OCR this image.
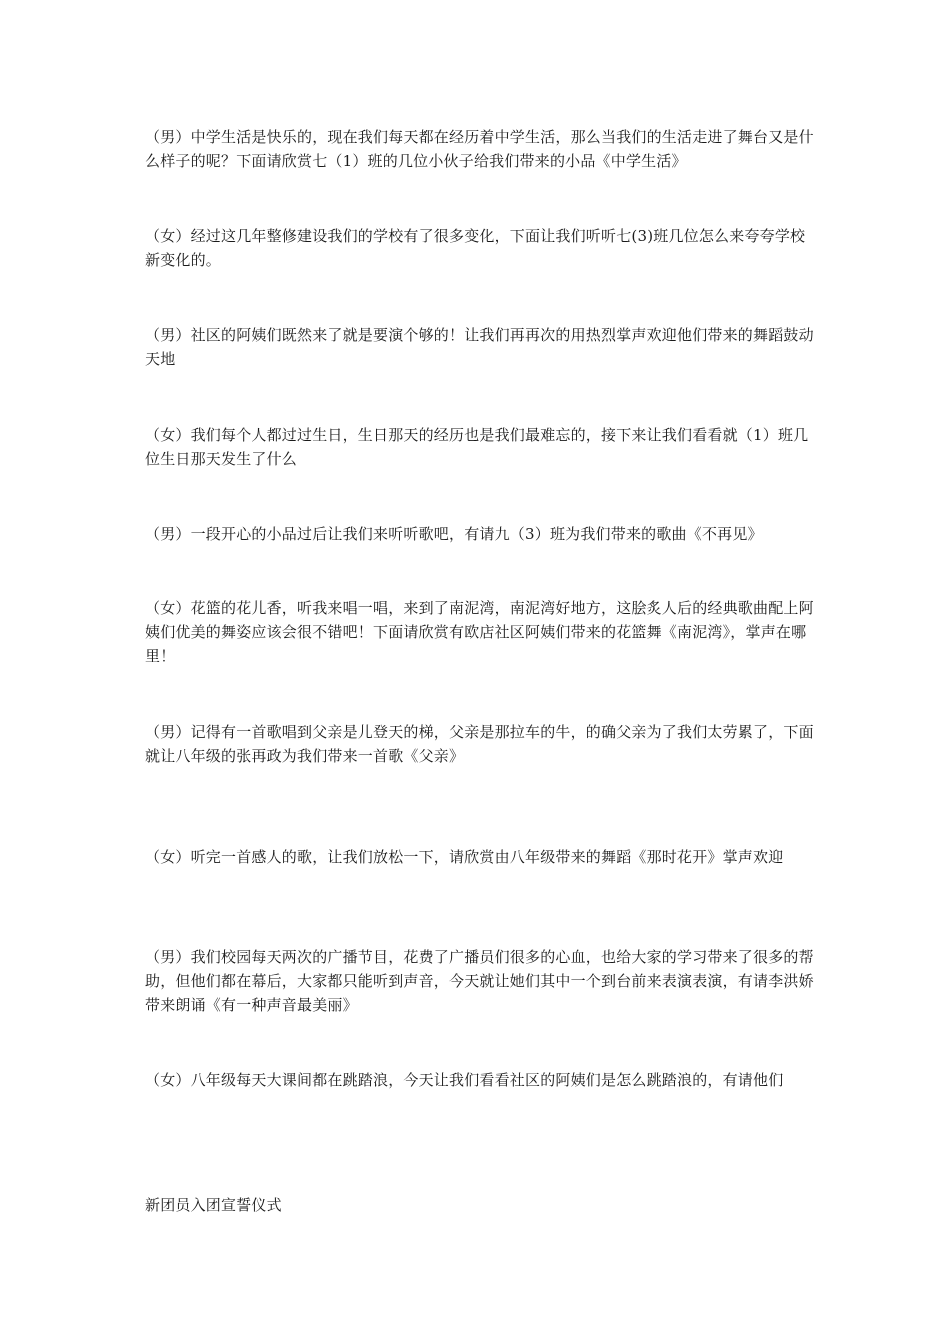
（男）中学生活是快乐的，现在我们每天都在经历着中学生活，那么当我们的生活走进了舞台又是什么样子的呢？下面请欣赏七（1）班的几位小伙子给我们带来的小品《中学生活》

（女）经过这几年整修建设我们的学校有了很多变化，下面让我们听听七(3)班几位怎么来夸夸学校新变化的。

（男）社区的阿姨们既然来了就是要演个够的！让我们再再次的用热烈掌声欢迎他们带来的舞蹈鼓动天地

（女）我们每个人都过过生日，生日那天的经历也是我们最难忘的，接下来让我们看看就（1）班几位生日那天发生了什么

（男）一段开心的小品过后让我们来听听歌吧，有请九（3）班为我们带来的歌曲《不再见》

（女）花篮的花儿香，听我来唱一唱，来到了南泥湾，南泥湾好地方，这脍炙人后的经典歌曲配上阿姨们优美的舞姿应该会很不错吧！下面请欣赏有欧店社区阿姨们带来的花篮舞《南泥湾》，掌声在哪里！

（男）记得有一首歌唱到父亲是儿登天的梯，父亲是那拉车的牛，的确父亲为了我们太劳累了，下面就让八年级的张再政为我们带来一首歌《父亲》

（女）听完一首感人的歌，让我们放松一下，请欣赏由八年级带来的舞蹈《那时花开》掌声欢迎

（男）我们校园每天两次的广播节目，花费了广播员们很多的心血，也给大家的学习带来了很多的帮助，但他们都在幕后，大家都只能听到声音，今天就让她们其中一个到台前来表演表演，有请李洪娇带来朗诵《有一种声音最美丽》

（女）八年级每天大课间都在跳踏浪，今天让我们看看社区的阿姨们是怎么跳踏浪的，有请他们

新团员入团宣誓仪式
